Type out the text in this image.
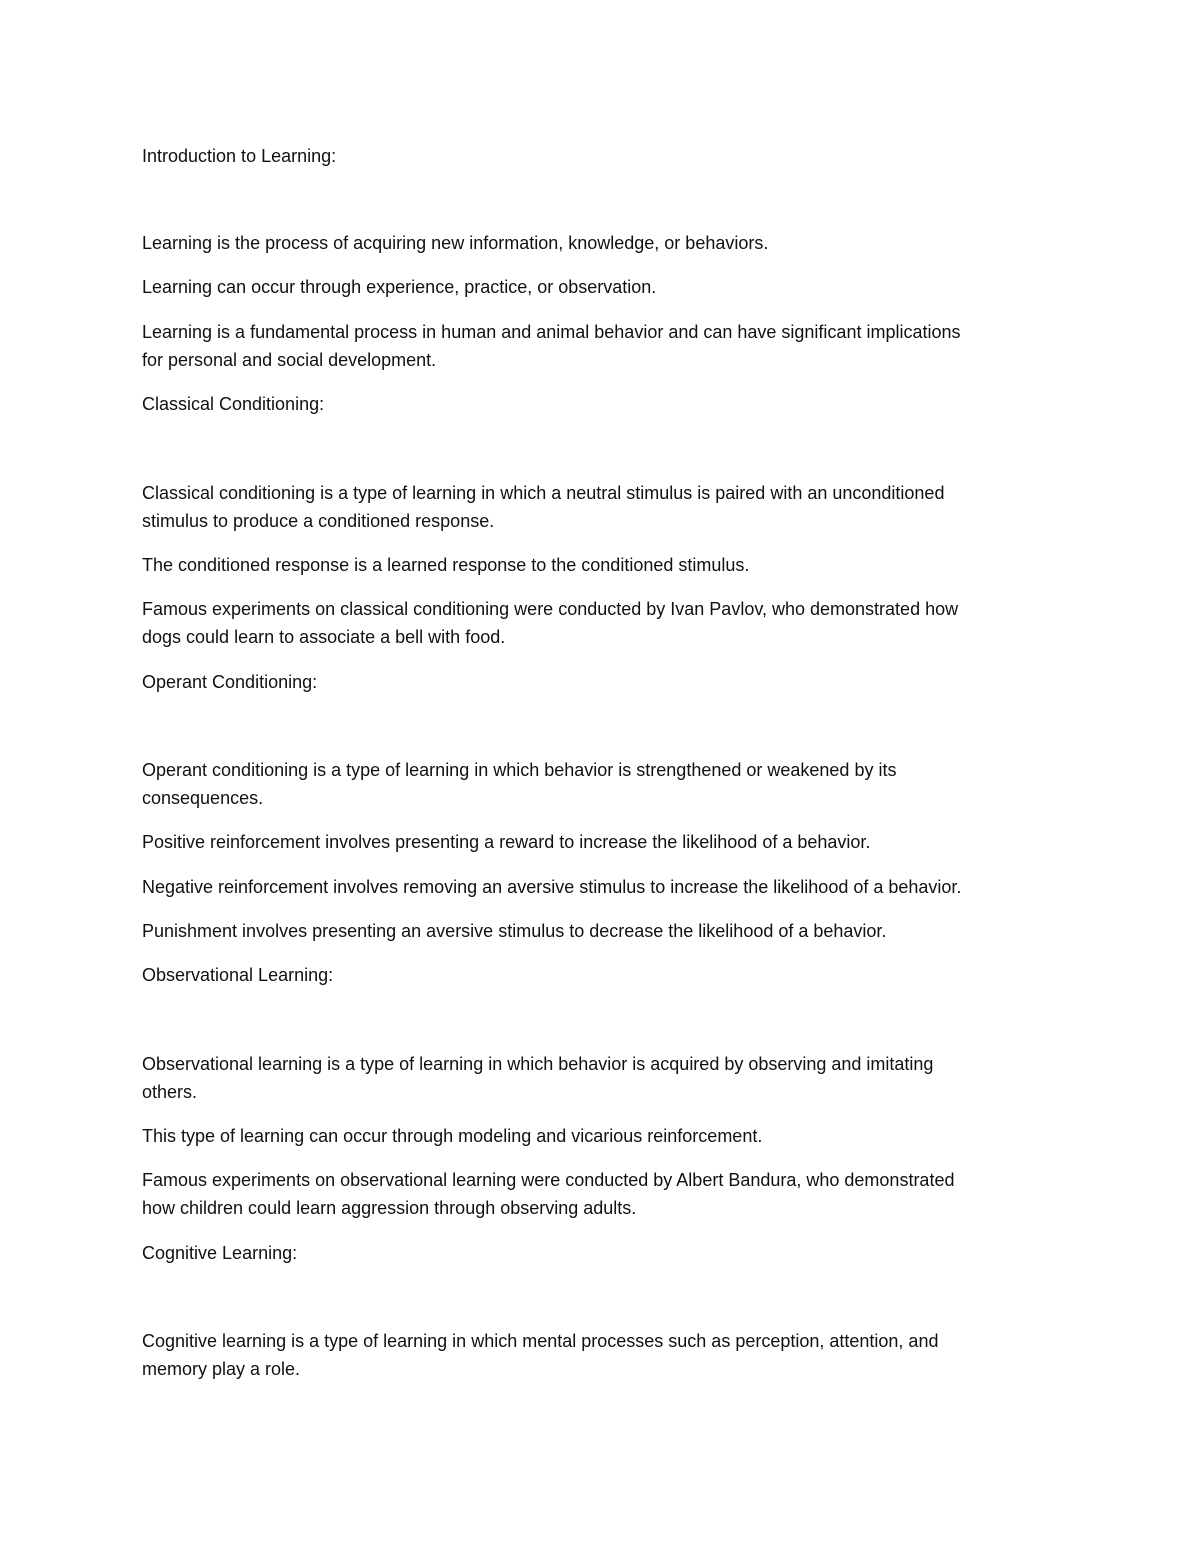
Introduction to Learning:

Learning is the process of acquiring new information, knowledge, or behaviors.

Learning can occur through experience, practice, or observation.

Learning is a fundamental process in human and animal behavior and can have significant implications

for personal and social development.

Classical Conditioning:

Classical conditioning is a type of learning in which a neutral stimulus is paired with an unconditioned

stimulus to produce a conditioned response.

The conditioned response is a learned response to the conditioned stimulus.

Famous experiments on classical conditioning were conducted by Ivan Pavlov, who demonstrated how

dogs could learn to associate a bell with food.

Operant Conditioning:

Operant conditioning is a type of learning in which behavior is strengthened or weakened by its

consequences.

Positive reinforcement involves presenting a reward to increase the likelihood of a behavior.

Negative reinforcement involves removing an aversive stimulus to increase the likelihood of a behavior.

Punishment involves presenting an aversive stimulus to decrease the likelihood of a behavior.

Observational Learning:

Observational learning is a type of learning in which behavior is acquired by observing and imitating

others.

This type of learning can occur through modeling and vicarious reinforcement.

Famous experiments on observational learning were conducted by Albert Bandura, who demonstrated

how children could learn aggression through observing adults.

Cognitive Learning:

Cognitive learning is a type of learning in which mental processes such as perception, attention, and

memory play a role.
